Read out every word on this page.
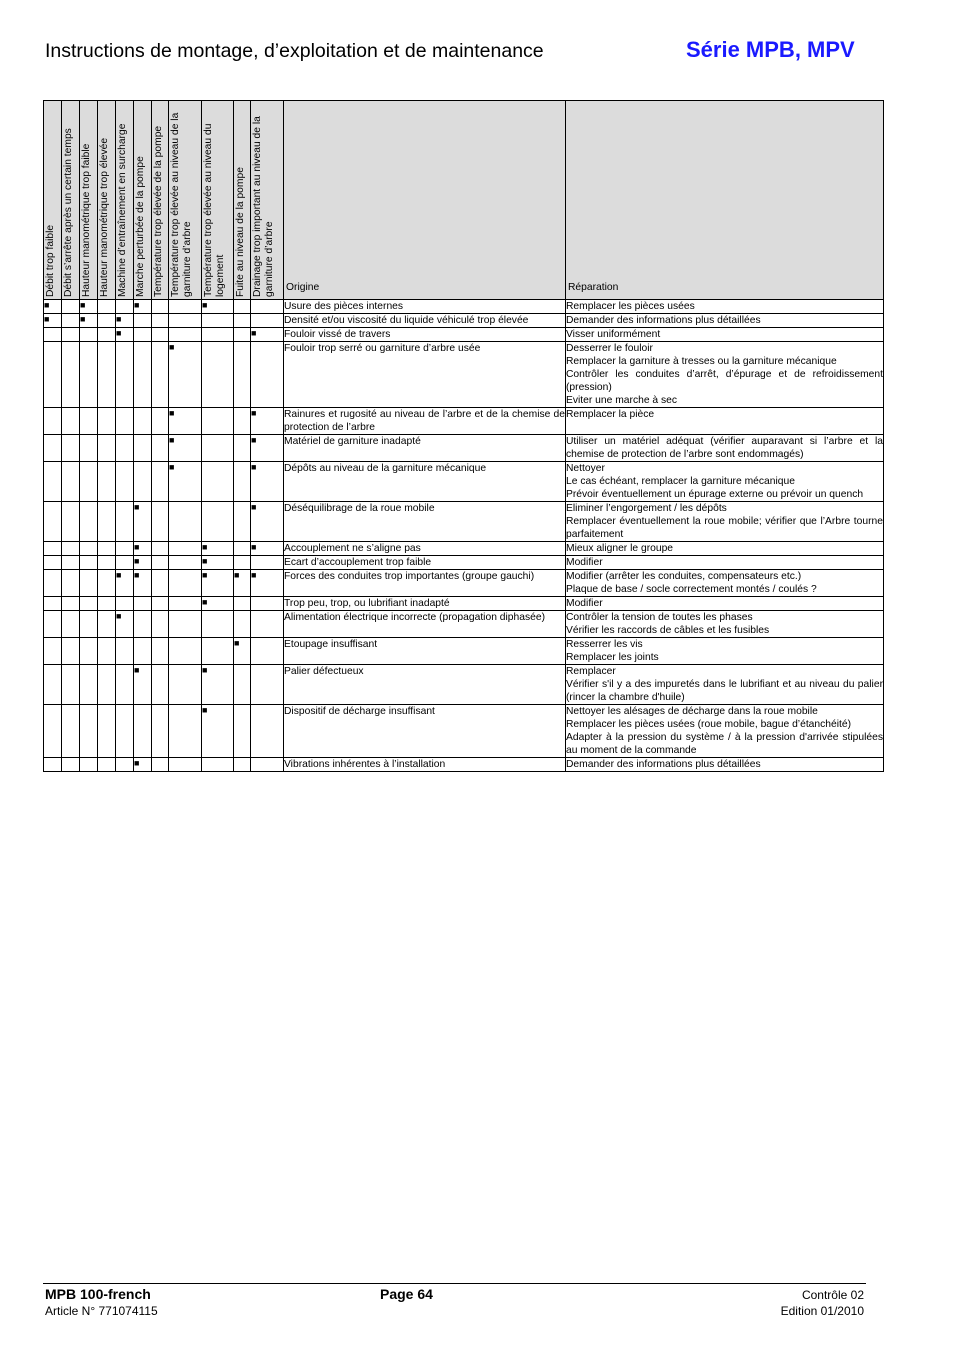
Instructions de montage, d’exploitation et de maintenance	Série MPB, MPV
Débit trop faible	Débit s’arrête après un certain temps	Hauteur manométrique trop faible	Hauteur manométrique trop élevée	Machine d’entraînement en surcharge	Marche perturbée de la pompe	Température trop élevée de la pompe	Température trop élevée au niveau de la garniture d’arbre	Température trop élevée au niveau du logement	Fuite au niveau de la pompe	Drainage trop important au niveau de la garniture d’arbre	Origine	Réparation
■		■			■			■			Usure des pièces internes	Remplacer les pièces usées

■		■		■							Densité et/ou viscosité du liquide véhiculé trop élevée	Demander des informations plus détaillées

				■						■	Fouloir vissé de travers	Visser uniformément

							■				Fouloir trop serré ou garniture d’arbre usée	Desserrer le fouloir
Remplacer la garniture à tresses ou la garniture mécanique
Contrôler les conduites d’arrêt, d’épurage et de refroidissement (pression)
Eviter une marche à sec

							■			■	Rainures et rugosité au niveau de l’arbre et de la chemise de protection de l’arbre	Remplacer la pièce

							■			■	Matériel de garniture inadapté	Utiliser un matériel adéquat (vérifier auparavant si l’arbre et la chemise de protection de l’arbre sont endommagés)

							■			■	Dépôts au niveau de la garniture mécanique	Nettoyer
Le cas échéant, remplacer la garniture mécanique
Prévoir éventuellement un épurage externe ou prévoir un quench

					■					■	Déséquilibrage de la roue mobile	Eliminer l’engorgement / les dépôts
Remplacer éventuellement la roue mobile; vérifier que l’Arbre tourne parfaitement

					■			■		■	Accouplement ne s’aligne pas	Mieux aligner le groupe

					■			■			Ecart d’accouplement trop faible	Modifier

				■	■			■	■	■	Forces des conduites trop importantes (groupe gauchi)	Modifier (arrêter les conduites, compensateurs etc.)
Plaque de base / socle correctement montés / coulés ?

								■			Trop peu, trop, ou lubrifiant inadapté	Modifier

				■							Alimentation électrique incorrecte (propagation diphasée)	Contrôler la tension de toutes les phases
Vérifier les raccords de câbles et les fusibles

									■		Etoupage insuffisant	Resserrer les vis
Remplacer les joints

					■			■			Palier défectueux	Remplacer
Vérifier s'il y a des impuretés dans le lubrifiant et au niveau du palier (rincer la chambre d'huile)

								■			Dispositif de décharge insuffisant	Nettoyer les alésages de décharge dans la roue mobile
Remplacer les pièces usées (roue mobile, bague d’étanchéité)
Adapter à la pression du système / à la pression d'arrivée stipulées au moment de la commande

					■						Vibrations inhérentes à l’installation	Demander des informations plus détaillées
MPB 100-french	Page 64	Contrôle 02
Article N° 771074115	Edition 01/2010
